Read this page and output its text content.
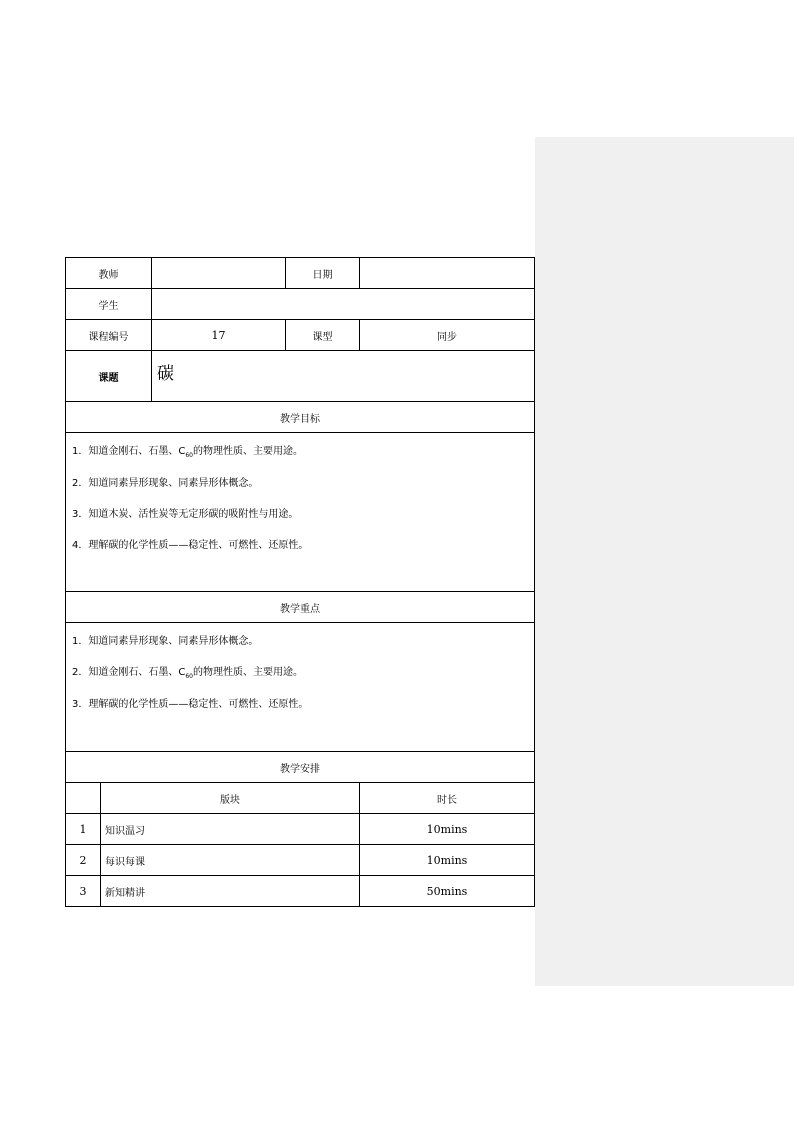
教师			日期	
学生				
课程编号		17	课型	同步
课题		碳		
教学目标				

1．知道金刚石、石墨、$C_{60}$的物理性质、主要用途。
2．知道同素异形现象、同素异形体概念。
3．知道木炭、活性炭等无定形碳的吸附性与用途。
4．理解碳的化学性质——稳定性、可燃性、还原性。				

教学重点				

1．知道同素异形现象、同素异形体概念。
2．知道金刚石、石墨、$C_{60}$的物理性质、主要用途。
3．理解碳的化学性质——稳定性、可燃性、还原性。				

教学安排				
	版块			时长
1	知识温习			10mins
2	每识每课			10mins
3	新知精讲			50mins
